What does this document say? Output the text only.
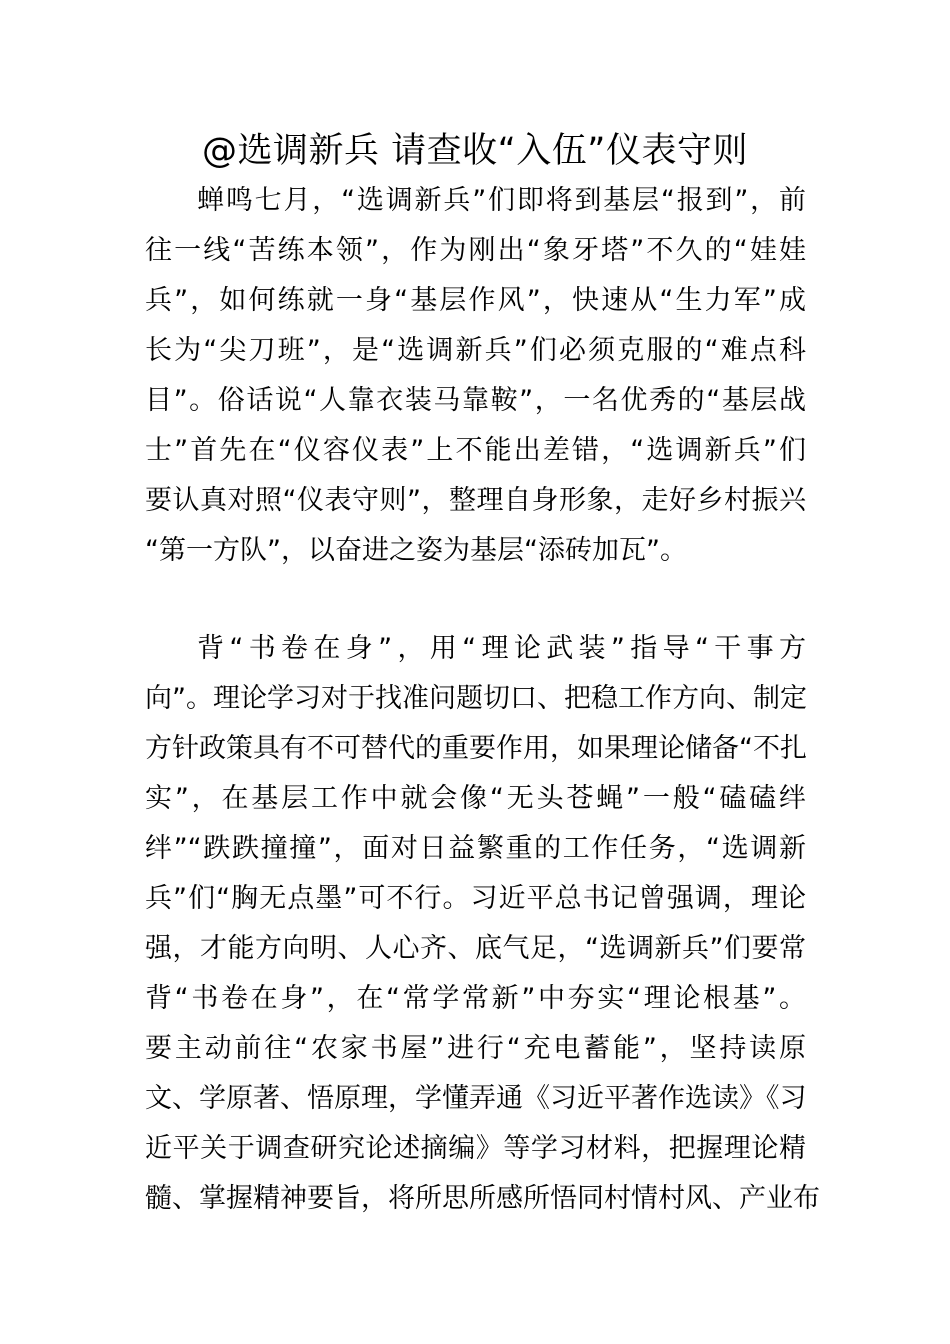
@选调新兵 请查收“入伍”仪表守则
蝉鸣七月，“选调新兵”们即将到基层“报到”，前
往一线“苦练本领”，作为刚出“象牙塔”不久的“娃娃
兵”，如何练就一身“基层作风”，快速从“生力军”成
长为“尖刀班”，是“选调新兵”们必须克服的“难点科
目”。俗话说“人靠衣装马靠鞍”，一名优秀的“基层战
士”首先在“仪容仪表”上不能出差错，“选调新兵”们
要认真对照“仪表守则”，整理自身形象，走好乡村振兴
“第一方队”，以奋进之姿为基层“添砖加瓦”。
背“书卷在身”，用“理论武装”指导“干事方
向”。理论学习对于找准问题切口、把稳工作方向、制定
方针政策具有不可替代的重要作用，如果理论储备“不扎
实”，在基层工作中就会像“无头苍蝇”一般“磕磕绊
绊”“跌跌撞撞”，面对日益繁重的工作任务，“选调新
兵”们“胸无点墨”可不行。习近平总书记曾强调，理论
强，才能方向明、人心齐、底气足，“选调新兵”们要常
背“书卷在身”，在“常学常新”中夯实“理论根基”。
要主动前往“农家书屋”进行“充电蓄能”，坚持读原
文、学原著、悟原理，学懂弄通《习近平著作选读》《习
近平关于调查研究论述摘编》等学习材料，把握理论精
髓、掌握精神要旨，将所思所感所悟同村情村风、产业布
